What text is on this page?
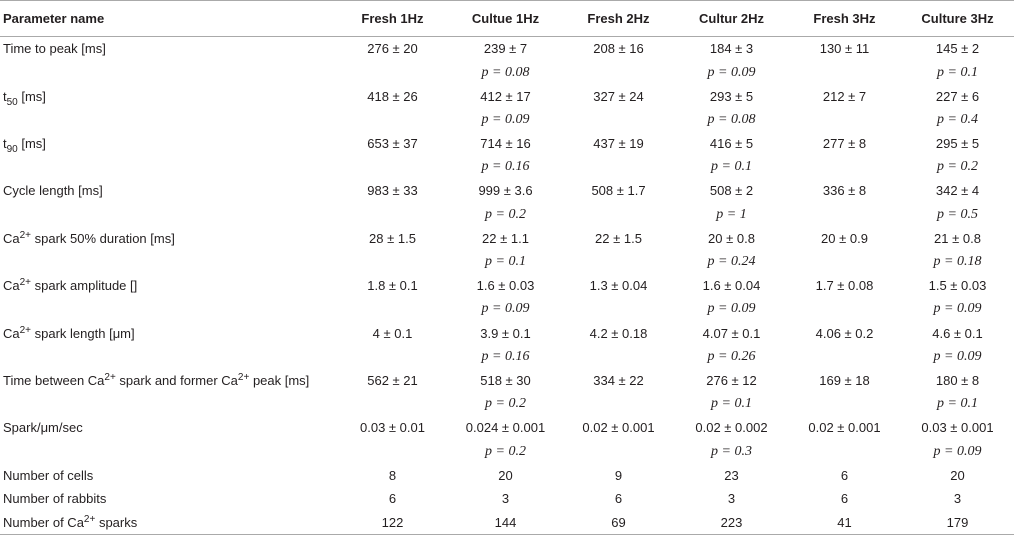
Parameter name	Fresh 1Hz	Cultue 1Hz	Fresh 2Hz	Cultur 2Hz	Fresh 3Hz	Culture 3Hz
Time to peak [ms]	276 ± 20	239 ± 7	208 ± 16	184 ± 3	130 ± 11	145 ± 2
		p = 0.08		p = 0.09		p = 0.1
$t_{50}$ [ms]	418 ± 26	412 ± 17	327 ± 24	293 ± 5	212 ± 7	227 ± 6
		p = 0.09		p = 0.08		p = 0.4
$t_{90}$ [ms]	653 ± 37	714 ± 16	437 ± 19	416 ± 5	277 ± 8	295 ± 5
		p = 0.16		p = 0.1		p = 0.2
Cycle length [ms]	983 ± 33	999 ± 3.6	508 ± 1.7	508 ± 2	336 ± 8	342 ± 4
		p = 0.2		p = 1		p = 0.5
$Ca^{2+}$ spark 50% duration [ms]	28 ± 1.5	22 ± 1.1	22 ± 1.5	20 ± 0.8	20 ± 0.9	21 ± 0.8
		p = 0.1		p = 0.24		p = 0.18
$Ca^{2+}$ spark amplitude []	1.8 ± 0.1	1.6 ± 0.03	1.3 ± 0.04	1.6 ± 0.04	1.7 ± 0.08	1.5 ± 0.03
		p = 0.09		p = 0.09		p = 0.09
$Ca^{2+}$ spark length [μm]	4 ± 0.1	3.9 ± 0.1	4.2 ± 0.18	4.07 ± 0.1	4.06 ± 0.2	4.6 ± 0.1
		p = 0.16		p = 0.26		p = 0.09
Time between $Ca^{2+}$ spark and former $Ca^{2+}$ peak [ms]	562 ± 21	518 ± 30	334 ± 22	276 ± 12	169 ± 18	180 ± 8
		p = 0.2		p = 0.1		p = 0.1
Spark/μm/sec	0.03 ± 0.01	0.024 ± 0.001	0.02 ± 0.001	0.02 ± 0.002	0.02 ± 0.001	0.03 ± 0.001
		p = 0.2		p = 0.3		p = 0.09
Number of cells	8	20	9	23	6	20
Number of rabbits	6	3	6	3	6	3
Number of $Ca^{2+}$ sparks	122	144	69	223	41	179
